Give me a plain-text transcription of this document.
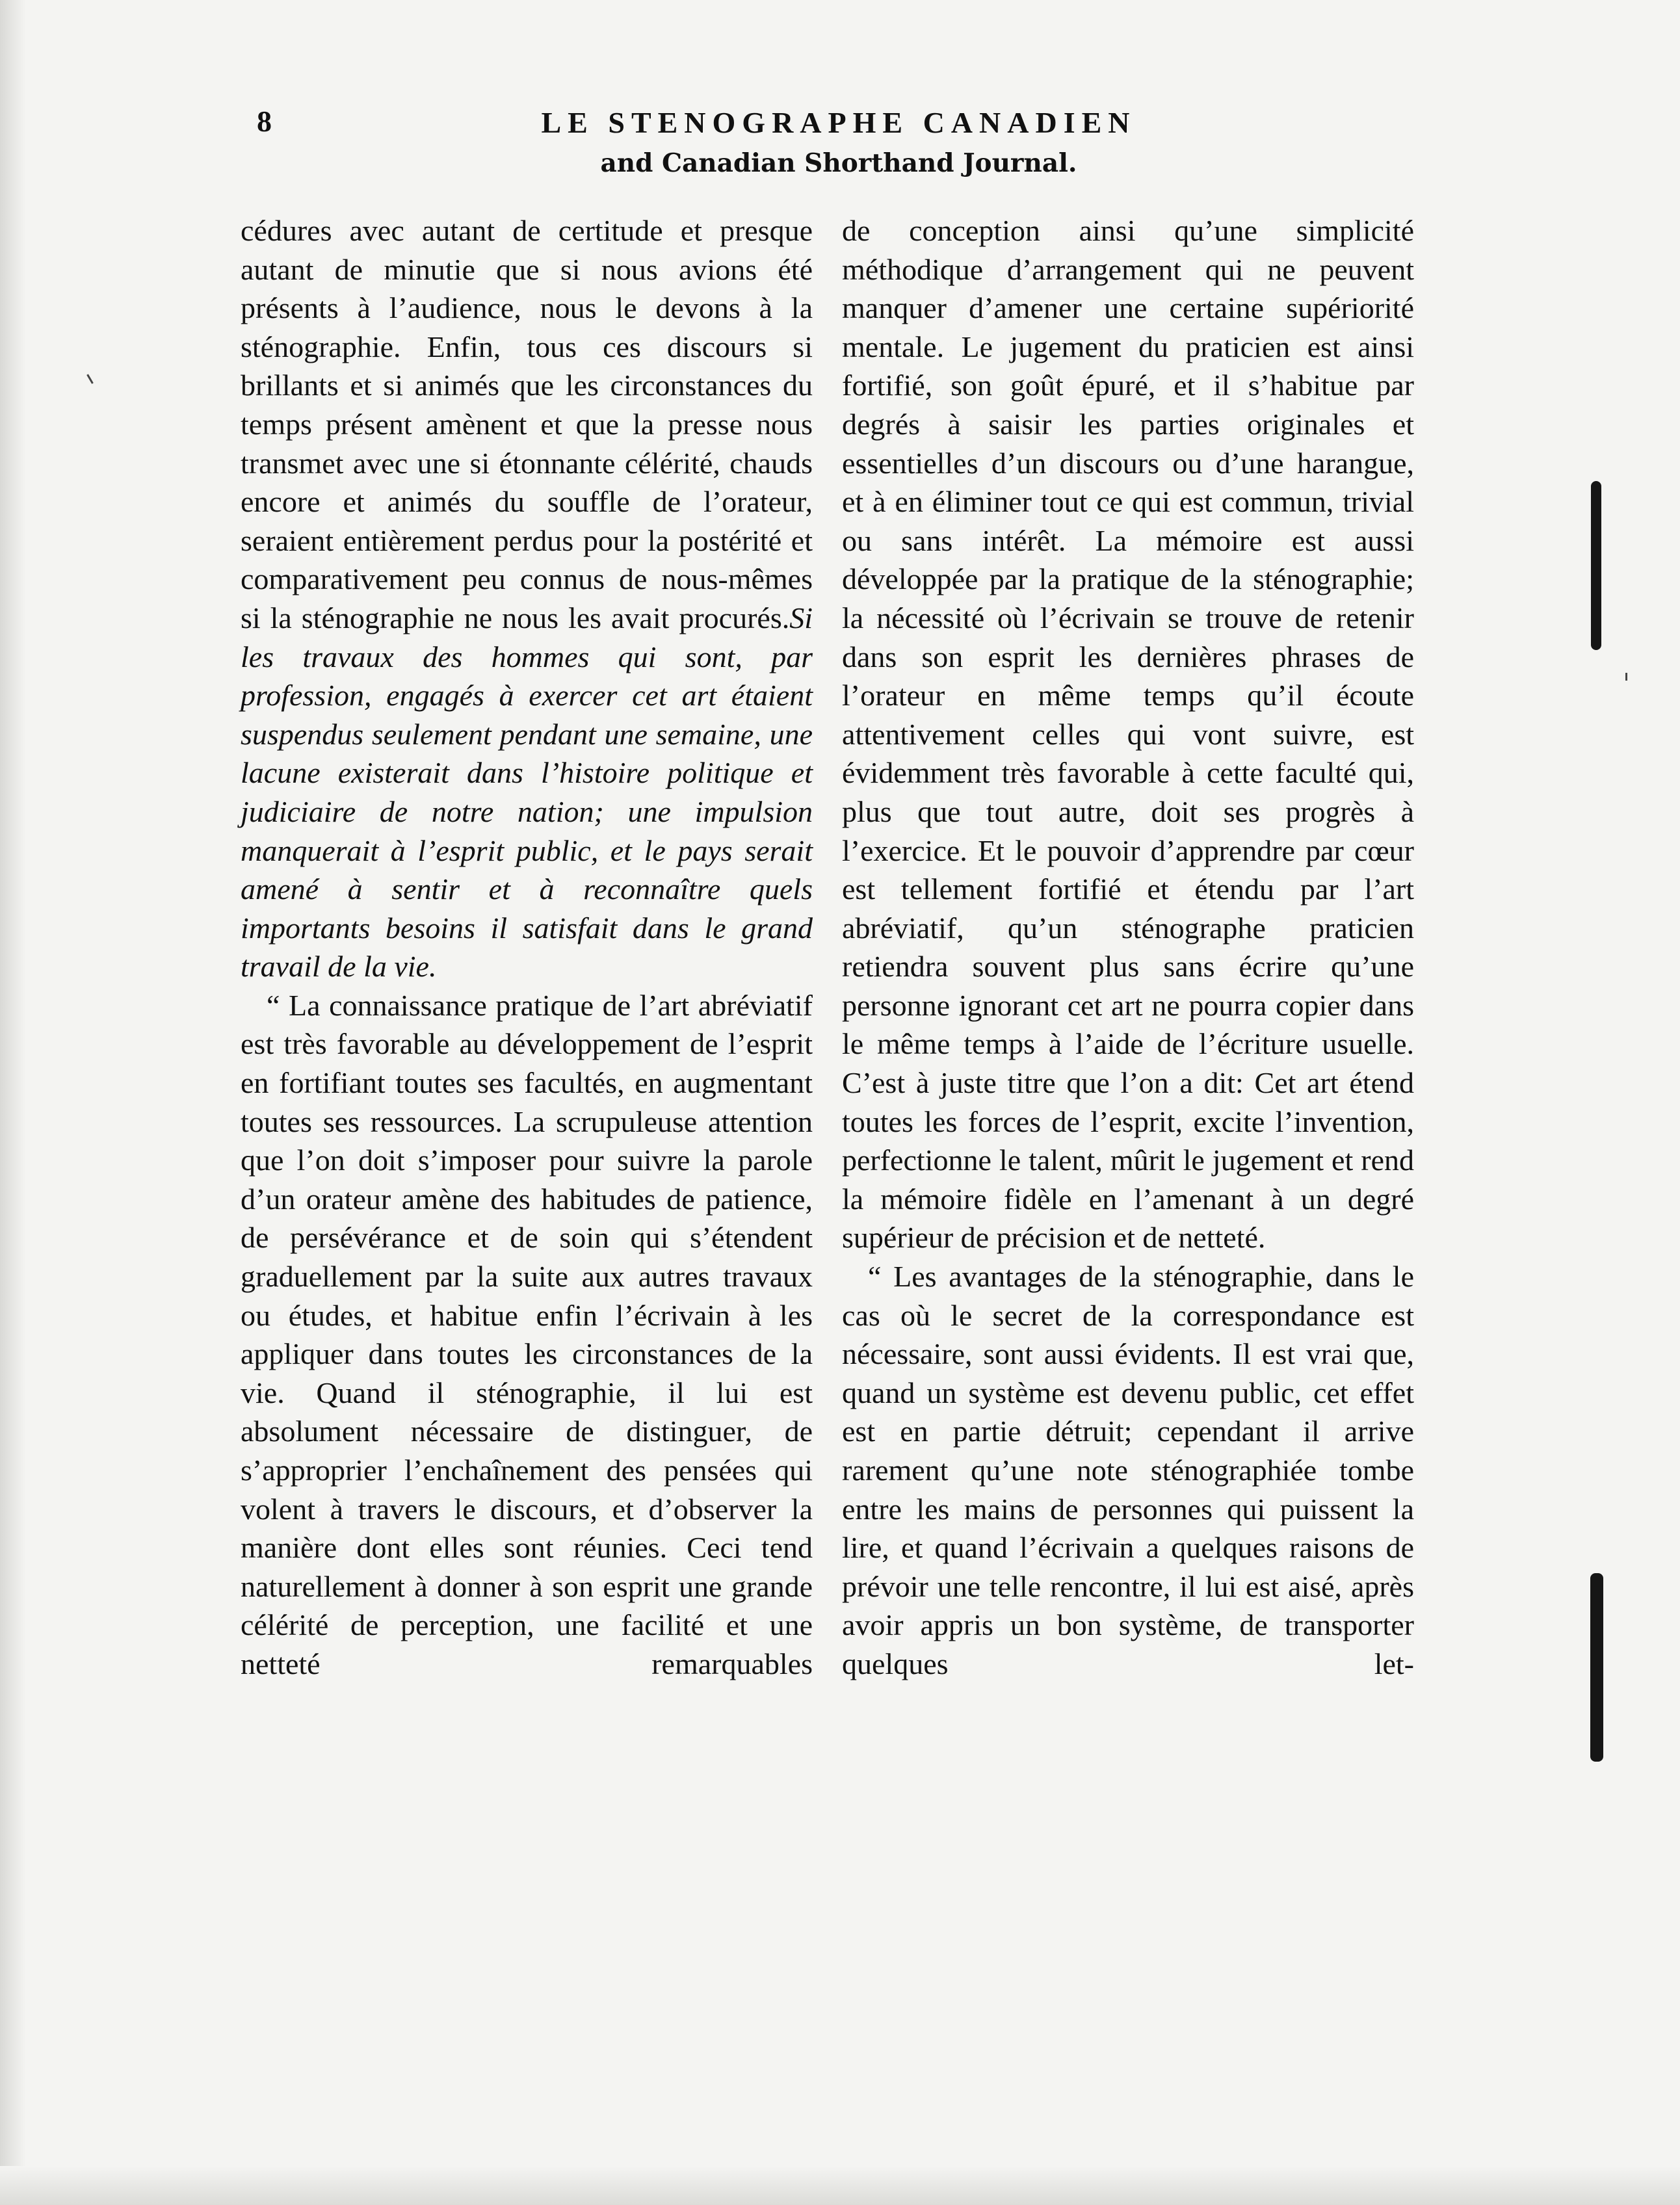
8	LE STENOGRAPHE CANADIEN
and Canadian Shorthand Journal.

cédures avec autant de certitude et presque autant de minutie que si nous avions été présents à l’audience, nous le devons à la sténographie. Enfin, tous ces discours si brillants et si animés que les circonstances du temps présent amènent et que la presse nous transmet avec une si étonnante célérité, chauds encore et animés du souffle de l’orateur, seraient entièrement perdus pour la postérité et comparativement peu connus de nous-mêmes si la sténographie ne nous les avait procurés.Si les travaux des hommes qui sont, par profession, engagés à exercer cet art étaient suspendus seulement pendant une semaine, une lacune existerait dans l’histoire politique et judiciaire de notre nation; une impulsion manquerait à l’esprit public, et le pays serait amené à sentir et à reconnaître quels importants besoins il satisfait dans le grand travail de la vie.

“ La connaissance pratique de l’art abréviatif est très favorable au développement de l’esprit en fortifiant toutes ses facultés, en augmentant toutes ses ressources. La scrupuleuse attention que l’on doit s’imposer pour suivre la parole d’un orateur amène des habitudes de patience, de persévérance et de soin qui s’étendent graduellement par la suite aux autres travaux ou études, et habitue enfin l’écrivain à les appliquer dans toutes les circonstances de la vie. Quand il sténographie, il lui est absolument nécessaire de distinguer, de s’approprier l’enchaînement des pensées qui volent à travers le discours, et d’observer la manière dont elles sont réunies. Ceci tend naturellement à donner à son esprit une grande célérité de perception, une facilité et une netteté remarquables

de conception ainsi qu’une simplicité méthodique d’arrangement qui ne peuvent manquer d’amener une certaine supériorité mentale. Le jugement du praticien est ainsi fortifié, son goût épuré, et il s’habitue par degrés à saisir les parties originales et essentielles d’un discours ou d’une harangue, et à en éliminer tout ce qui est commun, trivial ou sans intérêt. La mémoire est aussi développée par la pratique de la sténographie; la nécessité où l’écrivain se trouve de retenir dans son esprit les dernières phrases de l’orateur en même temps qu’il écoute attentivement celles qui vont suivre, est évidemment très favorable à cette faculté qui, plus que tout autre, doit ses progrès à l’exercice. Et le pouvoir d’apprendre par cœur est tellement fortifié et étendu par l’art abréviatif, qu’un sténographe praticien retiendra souvent plus sans écrire qu’une personne ignorant cet art ne pourra copier dans le même temps à l’aide de l’écriture usuelle. C’est à juste titre que l’on a dit: Cet art étend toutes les forces de l’esprit, excite l’invention, perfectionne le talent, mûrit le jugement et rend la mémoire fidèle en l’amenant à un degré supérieur de précision et de netteté.

“ Les avantages de la sténographie, dans le cas où le secret de la correspondance est nécessaire, sont aussi évidents. Il est vrai que, quand un système est devenu public, cet effet est en partie détruit; cependant il arrive rarement qu’une note sténographiée tombe entre les mains de personnes qui puissent la lire, et quand l’écrivain a quelques raisons de prévoir une telle rencontre, il lui est aisé, après avoir appris un bon système, de transporter quelques let-
